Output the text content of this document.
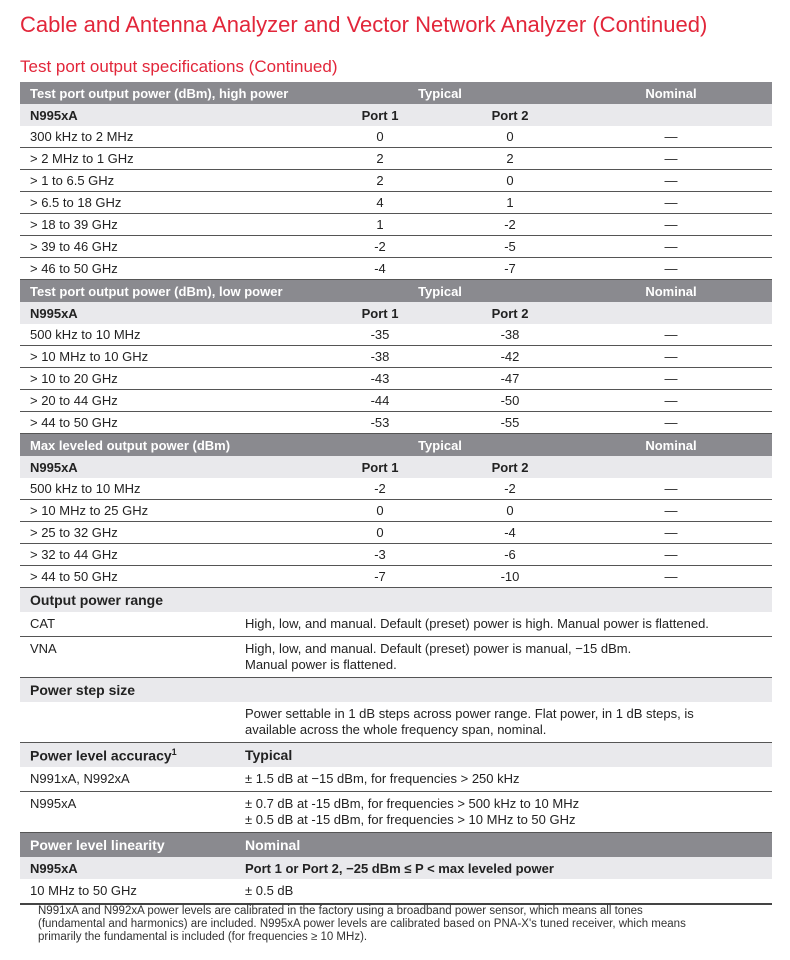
Cable and Antenna Analyzer and Vector Network Analyzer (Continued)
Test port output specifications (Continued)
Test port output power (dBm), high power	Typical	Nominal
N995xA	Port 1	Port 2
300 kHz to 2 MHz	0	0	—
> 2 MHz to 1 GHz	2	2	—
> 1 to 6.5 GHz	2	0	—
> 6.5 to 18 GHz	4	1	—
> 18 to 39 GHz	1	-2	—
> 39 to 46 GHz	-2	-5	—
> 46 to 50 GHz	-4	-7	—
Test port output power (dBm), low power	Typical	Nominal
N995xA	Port 1	Port 2
500 kHz to 10 MHz	-35	-38	—
> 10 MHz to 10 GHz	-38	-42	—
> 10 to 20 GHz	-43	-47	—
> 20 to 44 GHz	-44	-50	—
> 44 to 50 GHz	-53	-55	—
Max leveled output power (dBm)	Typical	Nominal
N995xA	Port 1	Port 2
500 kHz to 10 MHz	-2	-2	—
> 10 MHz to 25 GHz	0	0	—
> 25 to 32 GHz	0	-4	—
> 32 to 44 GHz	-3	-6	—
> 44 to 50 GHz	-7	-10	—
Output power range
CAT	High, low, and manual. Default (preset) power is high. Manual power is flattened.
VNA	High, low, and manual. Default (preset) power is manual, −15 dBm.
Manual power is flattened.
Power step size
Power settable in 1 dB steps across power range. Flat power, in 1 dB steps, is
available across the whole frequency span, nominal.
Power level accuracy$^1$	Typical
N991xA, N992xA	± 1.5 dB at −15 dBm, for frequencies > 250 kHz
N995xA	± 0.7 dB at -15 dBm, for frequencies > 500 kHz to 10 MHz
± 0.5 dB at -15 dBm, for frequencies > 10 MHz to 50 GHz
Power level linearity	Nominal
N995xA	Port 1 or Port 2, −25 dBm ≤ P < max leveled power
10 MHz to 50 GHz	± 0.5 dB
N991xA and N992xA power levels are calibrated in the factory using a broadband power sensor, which means all tones
(fundamental and harmonics) are included. N995xA power levels are calibrated based on PNA-X's tuned receiver, which means
primarily the fundamental is included (for frequencies ≥ 10 MHz).
